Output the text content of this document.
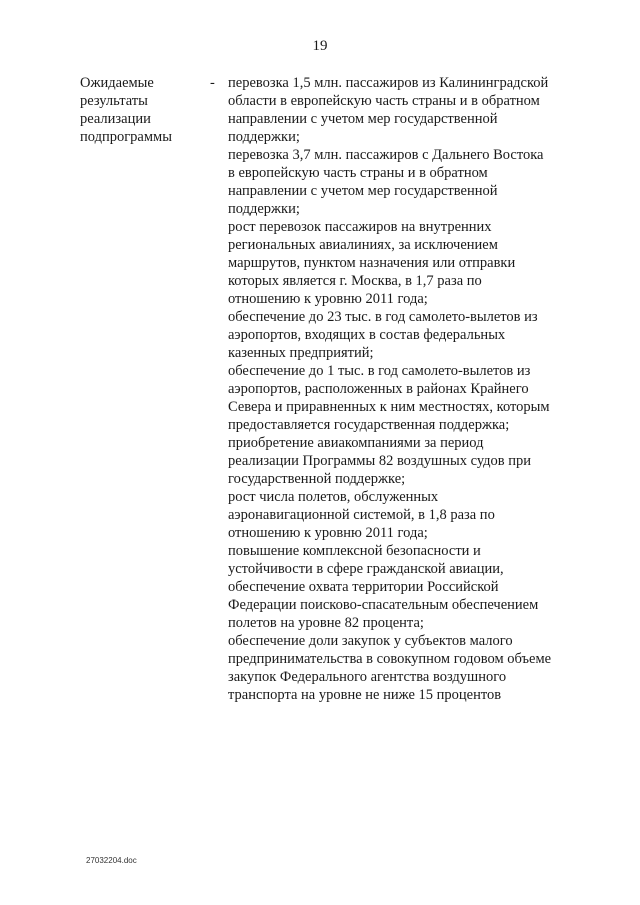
19
Ожидаемые
результаты
реализации
подпрограммы
- перевозка 1,5 млн. пассажиров из Калининградской
области в европейскую часть страны и в обратном
направлении с учетом мер государственной
поддержки;
перевозка 3,7 млн. пассажиров с Дальнего Востока
в европейскую часть страны и в обратном
направлении с учетом мер государственной
поддержки;
рост перевозок пассажиров на внутренних
региональных авиалиниях, за исключением
маршрутов, пунктом назначения или отправки
которых является г. Москва, в 1,7 раза по
отношению к уровню 2011 года;
обеспечение до 23 тыс. в год самолето-вылетов из
аэропортов, входящих в состав федеральных
казенных предприятий;
обеспечение до 1 тыс. в год самолето-вылетов из
аэропортов, расположенных в районах Крайнего
Севера и приравненных к ним местностях, которым
предоставляется государственная поддержка;
приобретение авиакомпаниями за период
реализации Программы 82 воздушных судов при
государственной поддержке;
рост числа полетов, обслуженных
аэронавигационной системой, в 1,8 раза по
отношению к уровню 2011 года;
повышение комплексной безопасности и
устойчивости в сфере гражданской авиации,
обеспечение охвата территории Российской
Федерации поисково-спасательным обеспечением
полетов на уровне 82 процента;
обеспечение доли закупок у субъектов малого
предпринимательства в совокупном годовом объеме
закупок Федерального агентства воздушного
транспорта на уровне не ниже 15 процентов
27032204.doc
